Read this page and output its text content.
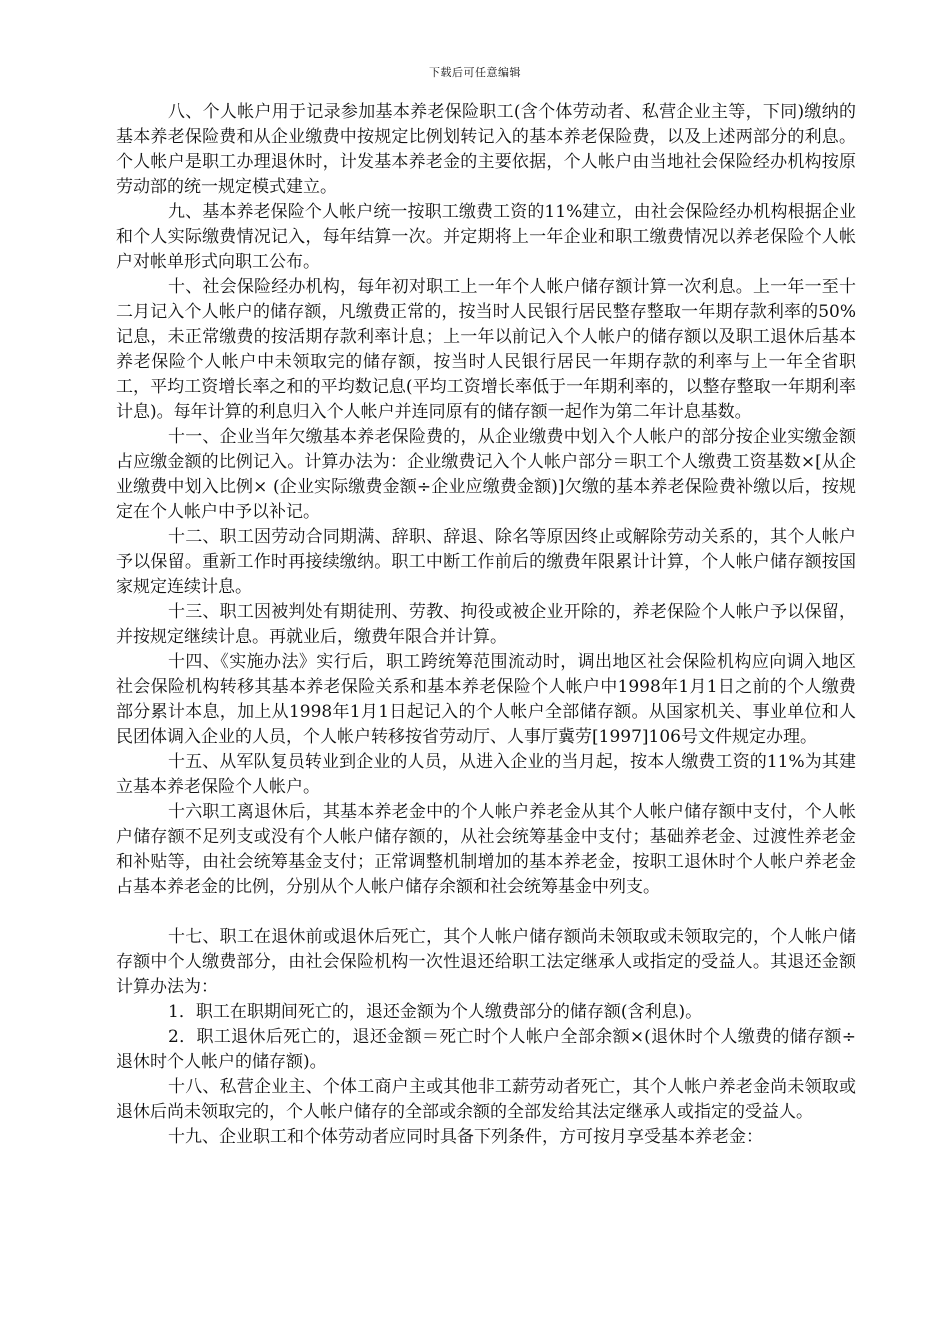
下载后可任意编辑

八、个人帐户用于记录参加基本养老保险职工(含个体劳动者、私营企业主等，下同)缴纳的基本养老保险费和从企业缴费中按规定比例划转记入的基本养老保险费，以及上述两部分的利息。个人帐户是职工办理退休时，计发基本养老金的主要依据，个人帐户由当地社会保险经办机构按原劳动部的统一规定模式建立。

九、基本养老保险个人帐户统一按职工缴费工资的11%建立，由社会保险经办机构根据企业和个人实际缴费情况记入，每年结算一次。并定期将上一年企业和职工缴费情况以养老保险个人帐户对帐单形式向职工公布。

十、社会保险经办机构，每年初对职工上一年个人帐户储存额计算一次利息。上一年一至十二月记入个人帐户的储存额，凡缴费正常的，按当时人民银行居民整存整取一年期存款利率的50%记息，未正常缴费的按活期存款利率计息；上一年以前记入个人帐户的储存额以及职工退休后基本养老保险个人帐户中未领取完的储存额，按当时人民银行居民一年期存款的利率与上一年全省职工，平均工资增长率之和的平均数记息(平均工资增长率低于一年期利率的，以整存整取一年期利率计息)。每年计算的利息归入个人帐户并连同原有的储存额一起作为第二年计息基数。

十一、企业当年欠缴基本养老保险费的，从企业缴费中划入个人帐户的部分按企业实缴金额占应缴金额的比例记入。计算办法为：企业缴费记入个人帐户部分＝职工个人缴费工资基数×[从企业缴费中划入比例× (企业实际缴费金额÷企业应缴费金额)]欠缴的基本养老保险费补缴以后，按规定在个人帐户中予以补记。

十二、职工因劳动合同期满、辞职、辞退、除名等原因终止或解除劳动关系的，其个人帐户予以保留。重新工作时再接续缴纳。职工中断工作前后的缴费年限累计计算，个人帐户储存额按国家规定连续计息。

十三、职工因被判处有期徒刑、劳教、拘役或被企业开除的，养老保险个人帐户予以保留，并按规定继续计息。再就业后，缴费年限合并计算。

十四、《实施办法》实行后，职工跨统筹范围流动时，调出地区社会保险机构应向调入地区社会保险机构转移其基本养老保险关系和基本养老保险个人帐户中1998年1月1日之前的个人缴费部分累计本息，加上从1998年1月1日起记入的个人帐户全部储存额。从国家机关、事业单位和人民团体调入企业的人员，个人帐户转移按省劳动厅、人事厅冀劳[1997]106号文件规定办理。

十五、从军队复员转业到企业的人员，从进入企业的当月起，按本人缴费工资的11%为其建立基本养老保险个人帐户。

十六职工离退休后，其基本养老金中的个人帐户养老金从其个人帐户储存额中支付，个人帐户储存额不足列支或没有个人帐户储存额的，从社会统筹基金中支付；基础养老金、过渡性养老金和补贴等，由社会统筹基金支付；正常调整机制增加的基本养老金，按职工退休时个人帐户养老金占基本养老金的比例，分别从个人帐户储存余额和社会统筹基金中列支。

十七、职工在退休前或退休后死亡，其个人帐户储存额尚未领取或未领取完的，个人帐户储存额中个人缴费部分，由社会保险机构一次性退还给职工法定继承人或指定的受益人。其退还金额计算办法为：

1．职工在职期间死亡的，退还金额为个人缴费部分的储存额(含利息)。

2．职工退休后死亡的，退还金额＝死亡时个人帐户全部余额×(退休时个人缴费的储存额÷退休时个人帐户的储存额)。

十八、私营企业主、个体工商户主或其他非工薪劳动者死亡，其个人帐户养老金尚未领取或退休后尚未领取完的，个人帐户储存的全部或余额的全部发给其法定继承人或指定的受益人。

十九、企业职工和个体劳动者应同时具备下列条件，方可按月享受基本养老金：
